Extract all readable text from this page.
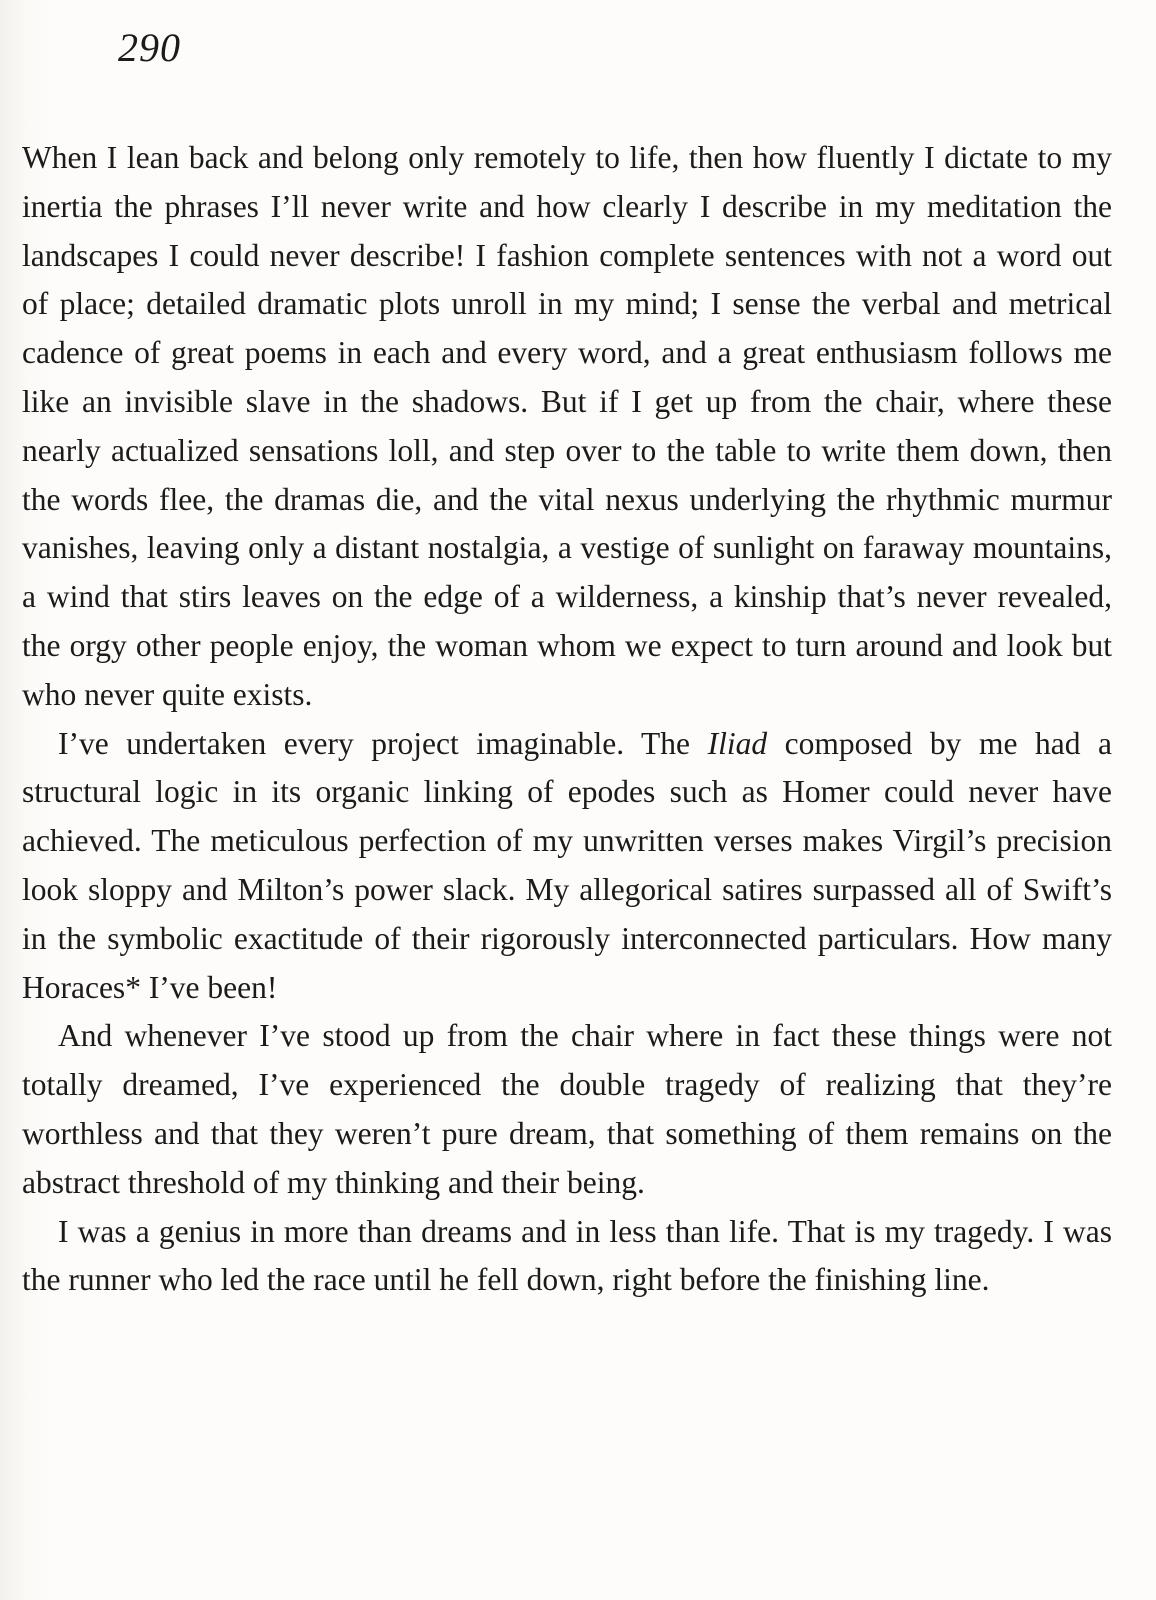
290

When I lean back and belong only remotely to life, then how fluently I dictate to my inertia the phrases I’ll never write and how clearly I describe in my meditation the landscapes I could never describe! I fashion complete sentences with not a word out of place; detailed dramatic plots unroll in my mind; I sense the verbal and metrical cadence of great poems in each and every word, and a great enthusiasm follows me like an invisible slave in the shadows. But if I get up from the chair, where these nearly actualized sensations loll, and step over to the table to write them down, then the words flee, the dramas die, and the vital nexus underlying the rhythmic murmur vanishes, leaving only a distant nostalgia, a vestige of sunlight on faraway mountains, a wind that stirs leaves on the edge of a wilderness, a kinship that’s never revealed, the orgy other people enjoy, the woman whom we expect to turn around and look but who never quite exists.

I’ve undertaken every project imaginable. The Iliad composed by me had a structural logic in its organic linking of epodes such as Homer could never have achieved. The meticulous perfection of my unwritten verses makes Virgil’s precision look sloppy and Milton’s power slack. My allegorical satires surpassed all of Swift’s in the symbolic exactitude of their rigorously interconnected particulars. How many Horaces* I’ve been!

And whenever I’ve stood up from the chair where in fact these things were not totally dreamed, I’ve experienced the double tragedy of realizing that they’re worthless and that they weren’t pure dream, that something of them remains on the abstract threshold of my thinking and their being.

I was a genius in more than dreams and in less than life. That is my tragedy. I was the runner who led the race until he fell down, right before the finishing line.
